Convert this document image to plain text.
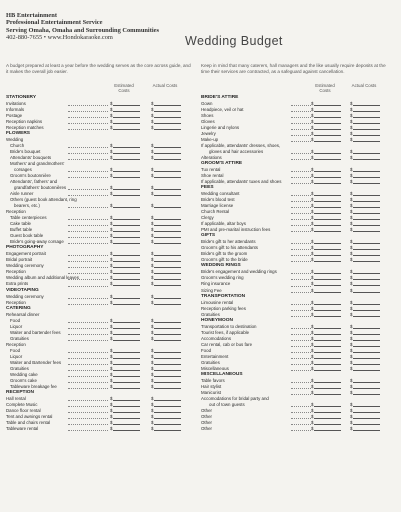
HB Entertainment
Professional Entertainment Service
Serving Omaha, Omaha and Surrounding Communities
402-880-7655 • www.Hondokaraoke.com	Wedding Budget
A budget prepared at least a year before the wedding serves as the core across guide, and it makes the overall job easier.
Keep in mind that many caterers, hall managers and the like usually require deposits at the time their services are contracted, as a safeguard against cancellation.
Estimated Costs
Actual Costs
STATIONERY
Invitations	$	$
Informals	$	$
Postage	$	$
Reception napkins	$	$
Reception matches	$	$
FLOWERS
Wedding
Church	$	$
Bride's bouquet	$	$
Attendants' bouquets	$	$
Mothers' and grandmothers'
corsages	$	$
Groom's boutonnière	$	$
Attendants', fathers' and
grandfathers' boutonnières	$	$
Aisle runner	$	$
Others (guest book attendant, ring
bearers, etc.)	$	$
Reception
Table centerpieces	$	$
Cake table	$	$
Buffet table	$	$
Guest book table	$	$
Bride's going-away corsage	$	$
PHOTOGRAPHY
Engagement portrait	$	$
Bridal portrait	$	$
Wedding ceremony	$	$
Reception	$	$
Wedding album and additional leaves	$	$
Extra prints	$	$
VIDEOTAPING
Wedding ceremony	$	$
Reception	$	$
CATERING
Rehearsal dinner
Food	$	$
Liquor	$	$
Waiter and bartender fees	$	$
Gratuities	$	$
Reception
Food	$	$
Liquor	$	$
Waiter and Bartender fees	$	$
Gratuities	$	$
Wedding cake	$	$
Groom's cake	$	$
Tableware breakage fee	$	$
RECEPTION
Hall rental	$	$
Complete Music	$	$
Dance floor rental	$	$
Tent and awnings rental	$	$
Table and chairs rental	$	$
Tableware rental	$	$
Estimated Costs
Actual Costs
BRIDE'S ATTIRE
Gown	$	$
Headpiece, veil or hat	$	$
Shoes	$	$
Gloves	$	$
Lingerie and nylons	$	$
Jewelry	$	$
Make-up	$	$
If applicable, attendants' dresses, shoes,
gloves and hair accessories	$	$
Alterations	$	$
GROOM'S ATTIRE
Tux rental	$	$
Shoe rental	$	$
If applicable, attendants' tuxes and shoes	$	$
FEES
Wedding consultant	$	$
Bride's blood test	$	$
Marriage license	$	$
Church Rental	$	$
Clergy	$	$
If applicable, altar boys	$	$
PMI and pre-marital instruction fees	$	$
GIFTS
Bride's gift to her attendants	$	$
Groom's gift to his attendants	$	$
Bride's gift to the groom	$	$
Groom's gift to the bride	$	$
WEDDING RINGS
Bride's engagement and wedding rings	$	$
Groom's wedding ring	$	$
Ring insurance	$	$
Sizing Fee	$	$
TRANSPORTATION
Limousine rental	$	$
Reception parking fees	$	$
Gratuities	$	$
HONEYMOON
Transportation to destination	$	$
Tourist fees, if applicable	$	$
Accomodations	$	$
Car rental, cab or bus fare	$	$
Food	$	$
Entertainment	$	$
Gratuities	$	$
Miscellaneous	$	$
MISCELLANEOUS
Table favors	$	$
Hair stylist	$	$
Manicurist	$	$
Accomodations for bridal party and
out of town guests	$	$
Other	$	$
Other	$	$
Other	$	$
Other	$	$
